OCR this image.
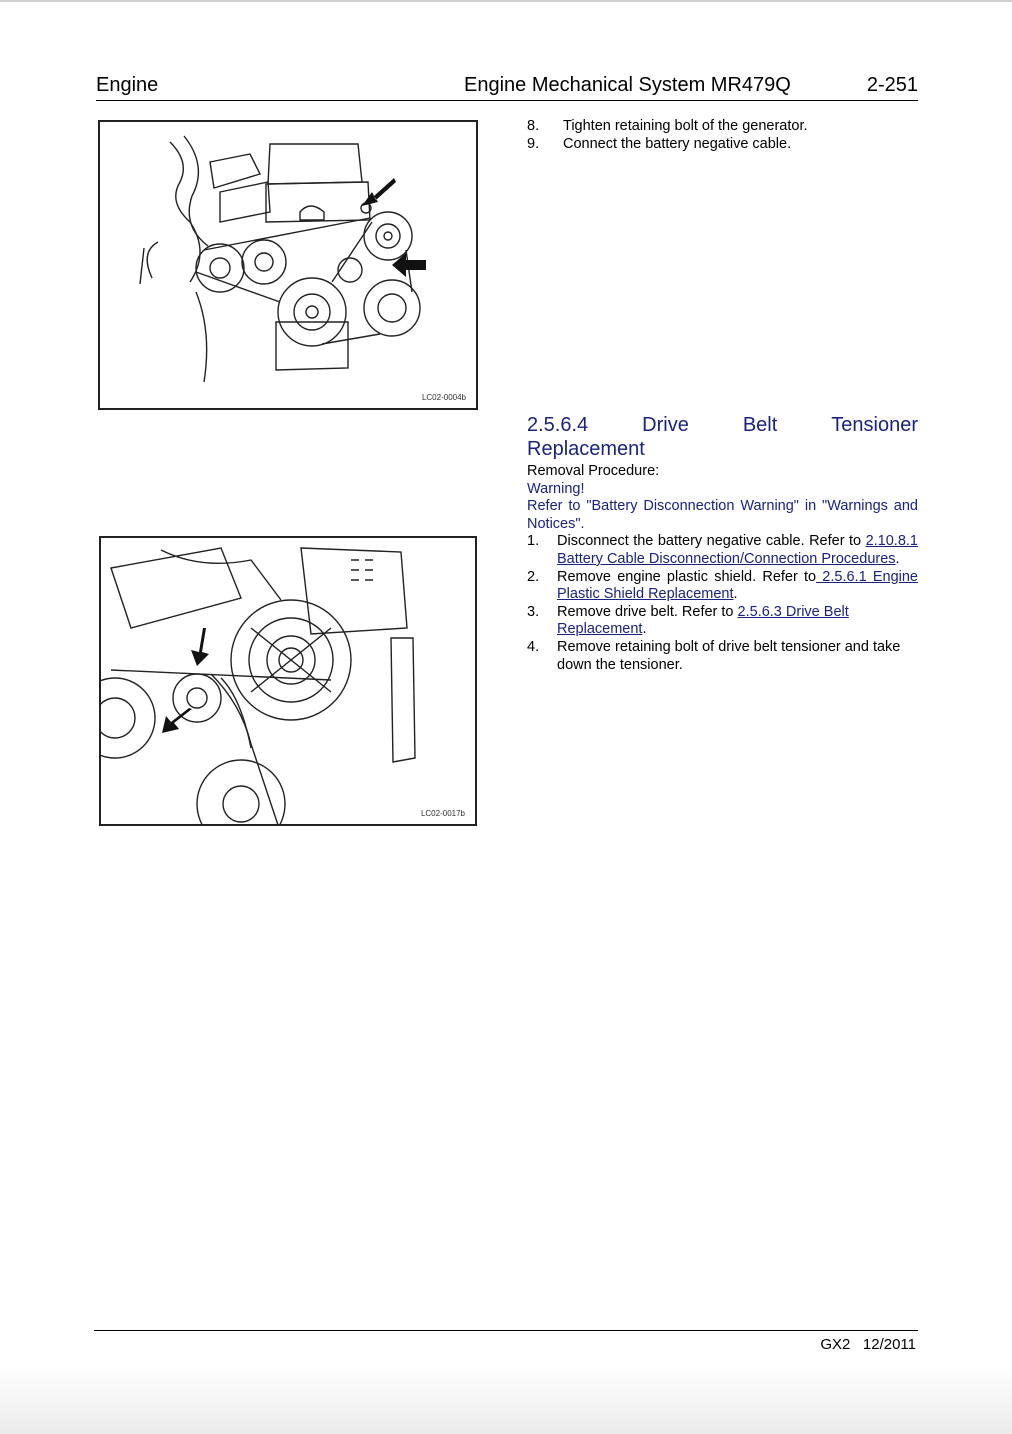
Engine	Engine Mechanical System MR479Q	2-251
LC02-0004b
LC02-0017b
8. Tighten retaining bolt of the generator.
9. Connect the battery negative cable.
2.5.6.4	Drive	Belt	Tensioner
Replacement
Removal Procedure:
Warning!
Refer to "Battery Disconnection Warning" in "Warnings and Notices".
1. Disconnect the battery negative cable. Refer to 2.10.8.1 Battery Cable Disconnection/Connection Procedures.
2. Remove engine plastic shield. Refer to 2.5.6.1 Engine Plastic Shield Replacement.
3. Remove drive belt. Refer to 2.5.6.3 Drive Belt Replacement.
4. Remove retaining bolt of drive belt tensioner and take down the tensioner.
GX2 12/2011
